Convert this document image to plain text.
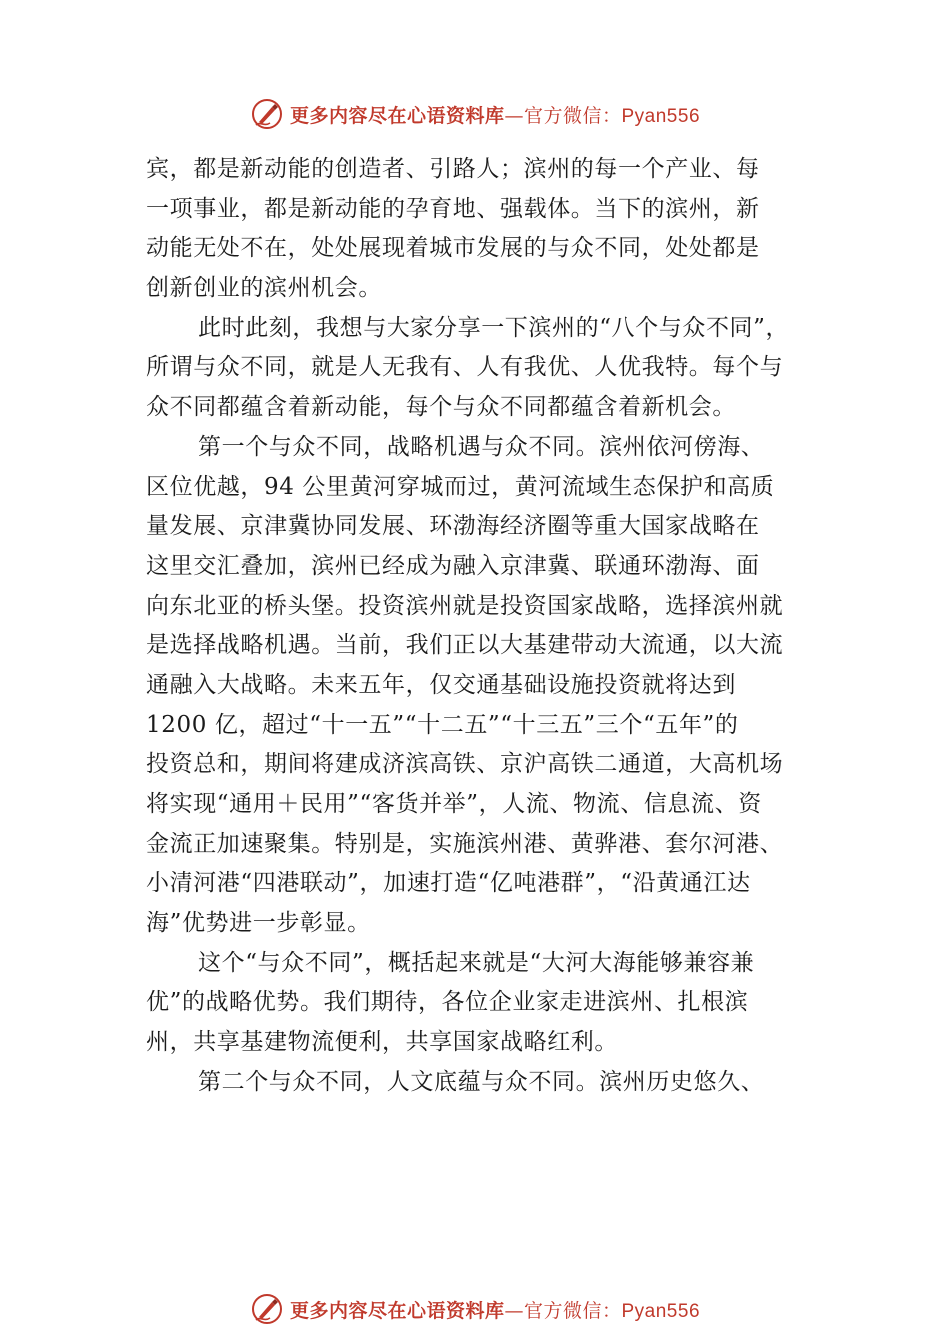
更多内容尽在心语资料库—官方微信：Pyan556
宾，都是新动能的创造者、引路人；滨州的每一个产业、每
一项事业，都是新动能的孕育地、强载体。当下的滨州，新
动能无处不在，处处展现着城市发展的与众不同，处处都是
创新创业的滨州机会。
此时此刻，我想与大家分享一下滨州的“八个与众不同”，
所谓与众不同，就是人无我有、人有我优、人优我特。每个与
众不同都蕴含着新动能，每个与众不同都蕴含着新机会。
第一个与众不同，战略机遇与众不同。滨州依河傍海、
区位优越，94 公里黄河穿城而过，黄河流域生态保护和高质
量发展、京津冀协同发展、环渤海经济圈等重大国家战略在
这里交汇叠加，滨州已经成为融入京津冀、联通环渤海、面
向东北亚的桥头堡。投资滨州就是投资国家战略，选择滨州就
是选择战略机遇。当前，我们正以大基建带动大流通，以大流
通融入大战略。未来五年，仅交通基础设施投资就将达到
1200 亿，超过“十一五”“十二五”“十三五”三个“五年”的
投资总和，期间将建成济滨高铁、京沪高铁二通道，大高机场
将实现“通用＋民用”“客货并举”，人流、物流、信息流、资
金流正加速聚集。特别是，实施滨州港、黄骅港、套尔河港、
小清河港“四港联动”，加速打造“亿吨港群”，“沿黄通江达
海”优势进一步彰显。
这个“与众不同”，概括起来就是“大河大海能够兼容兼
优”的战略优势。我们期待，各位企业家走进滨州、扎根滨
州，共享基建物流便利，共享国家战略红利。
第二个与众不同，人文底蕴与众不同。滨州历史悠久、
更多内容尽在心语资料库—官方微信：Pyan556
